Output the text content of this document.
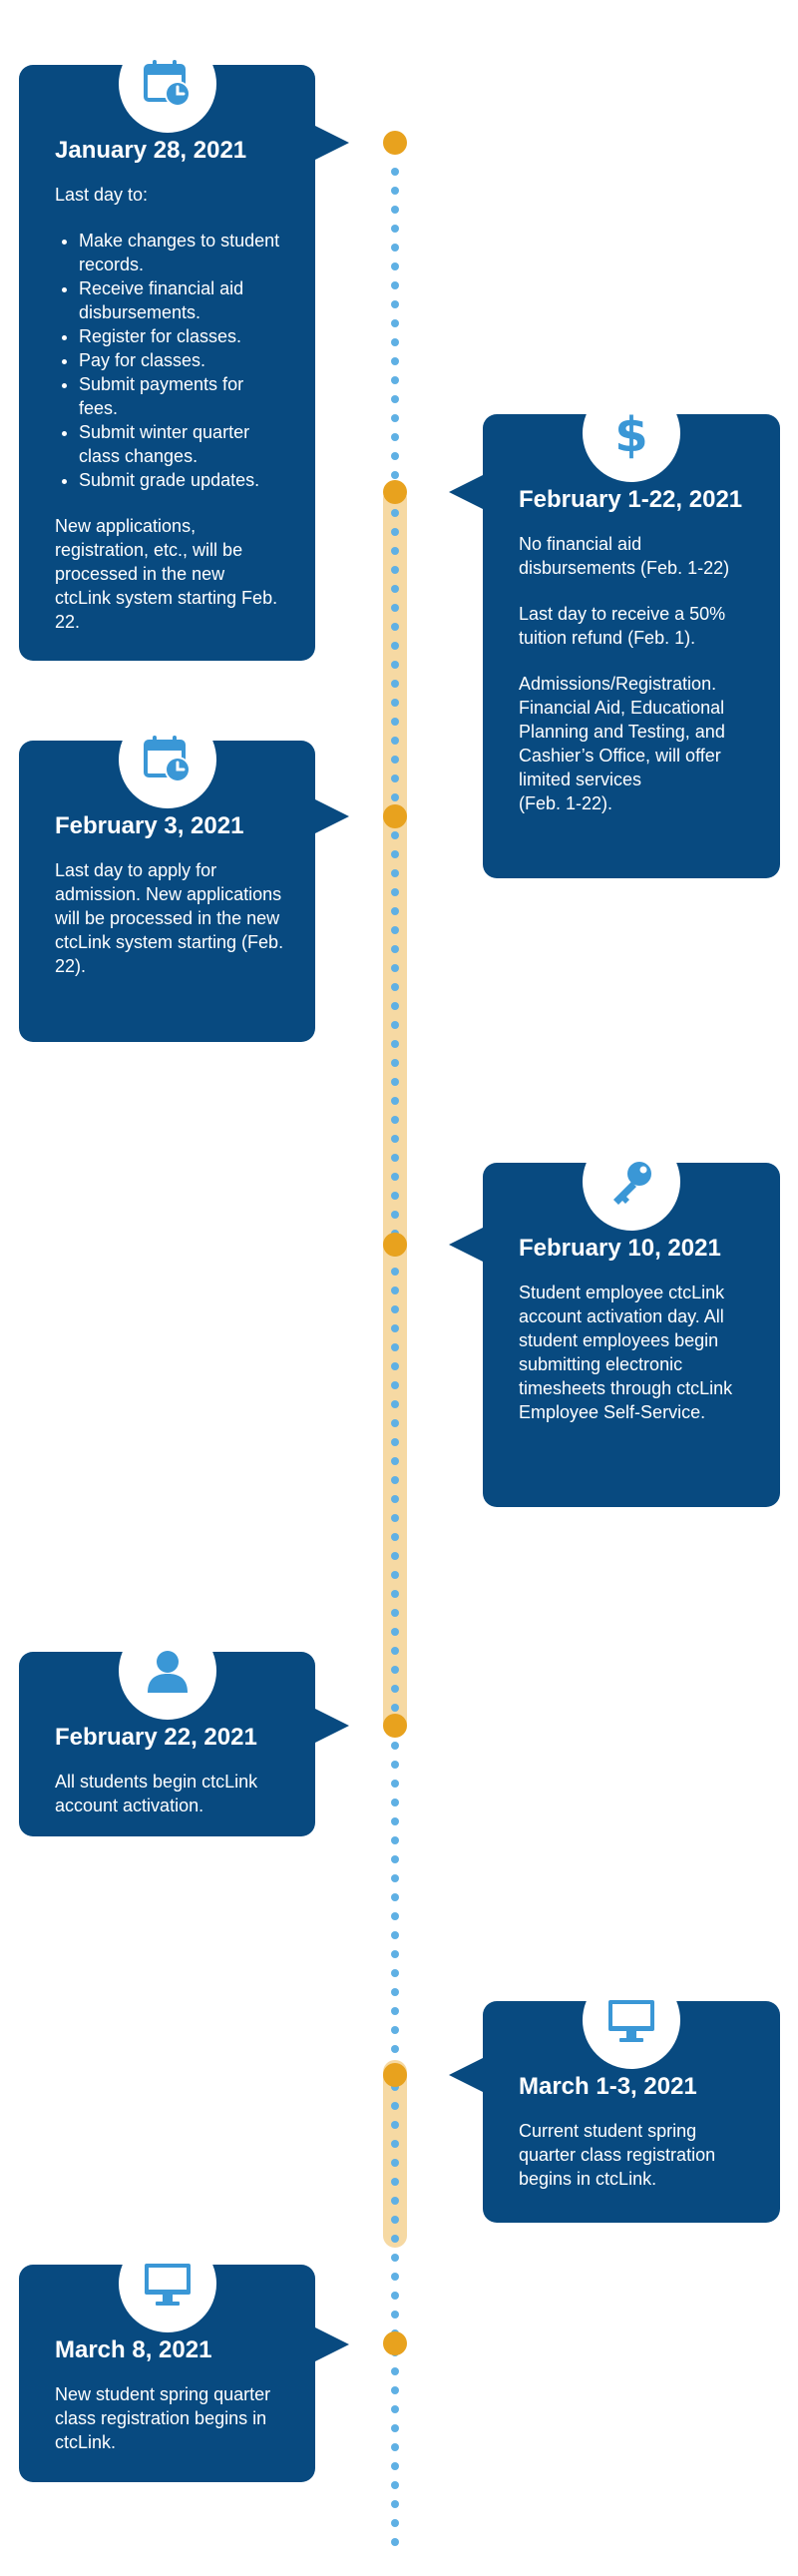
January 28, 2021

Last day to:

• Make changes to student records.
• Receive financial aid disbursements.
• Register for classes.
• Pay for classes.
• Submit payments for fees.
• Submit winter quarter class changes.
• Submit grade updates.

New applications, registration, etc., will be processed in the new ctcLink system starting Feb. 22.

$

February 1-22, 2021

No financial aid disbursements (Feb. 1-22)

Last day to receive a 50% tuition refund (Feb. 1).

Admissions/Registration. Financial Aid, Educational Planning and Testing, and Cashier’s Office, will offer limited services

(Feb. 1-22).

February 3, 2021

Last day to apply for admission. New applications will be processed in the new ctcLink system starting (Feb. 22).

February 10, 2021

Student employee ctcLink account activation day. All student employees begin submitting electronic timesheets through ctcLink Employee Self-Service.

February 22, 2021

All students begin ctcLink account activation.

March 1-3, 2021

Current student spring quarter class registration begins in ctcLink.

March 8, 2021

New student spring quarter class registration begins in ctcLink.
